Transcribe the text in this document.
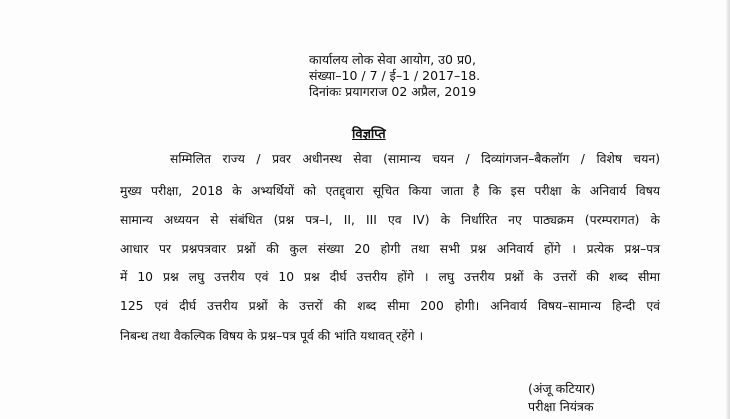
कार्यालय लोक सेवा आयोग, उ0 प्र0,
संख्या–10 / 7 / ई–1 / 2017–18.
दिनांकः प्रयागराज 02 अप्रैल, 2019
विज्ञप्ति
सम्मिलित राज्य / प्रवर अधीनस्थ सेवा (सामान्य चयन / दिव्यांगजन–बैकलॉग / विशेष चयन)
मुख्य परीक्षा, 2018 के अभ्यर्थियों को एतद्द्वारा सूचित किया जाता है कि इस परीक्षा के अनिवार्य विषय
सामान्य अध्ययन से संबंधित (प्रश्न पत्र–I, II, III एव IV) के निर्धारित नए पाठ्यक्रम (परम्परागत) के
आधार पर प्रश्नपत्रवार प्रश्नों की कुल संख्या 20 होगी तथा सभी प्रश्न अनिवार्य होंगे । प्रत्येक प्रश्न–पत्र
में 10 प्रश्न लघु उत्तरीय एवं 10 प्रश्न दीर्घ उत्तरीय होंगे । लघु उत्तरीय प्रश्नों के उत्तरों की शब्द सीमा
125 एवं दीर्घ उत्तरीय प्रश्नों के उत्तरों की शब्द सीमा 200 होगी। अनिवार्य विषय–सामान्य हिन्दी एवं
निबन्ध तथा वैकल्पिक विषय के प्रश्न–पत्र पूर्व की भांति यथावत् रहेंगे ।
(अंजू कटियार)
परीक्षा नियंत्रक
